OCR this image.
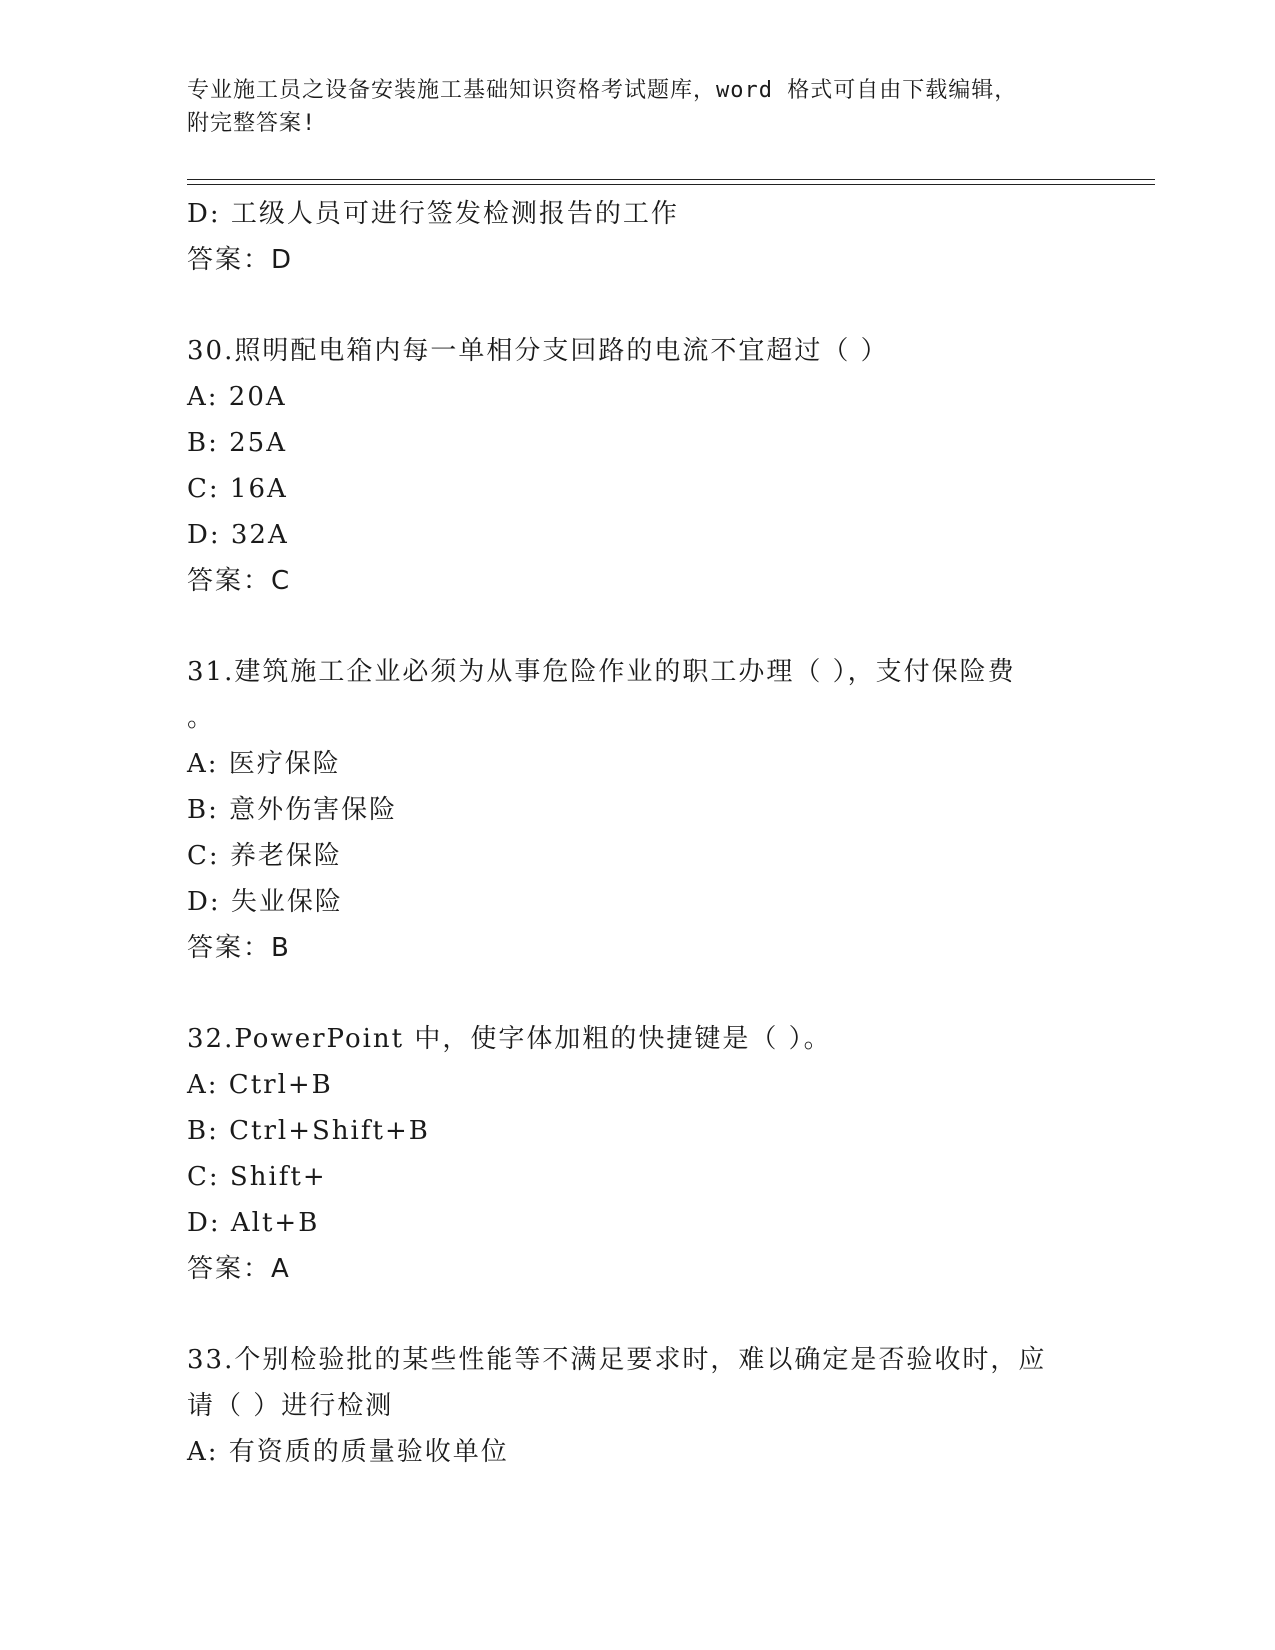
专业施工员之设备安装施工基础知识资格考试题库，word 格式可自由下载编辑，
附完整答案!
D: 工级人员可进行签发检测报告的工作
答案：D
30.照明配电箱内每一单相分支回路的电流不宜超过（ ）
A: 20A
B: 25A
C: 16A
D: 32A
答案：C
31.建筑施工企业必须为从事危险作业的职工办理（ ），支付保险费
。
A: 医疗保险
B: 意外伤害保险
C: 养老保险
D: 失业保险
答案：B
32.PowerPoint 中，使字体加粗的快捷键是（ ）。
A: Ctrl+B
B: Ctrl+Shift+B
C: Shift+
D: Alt+B
答案：A
33.个别检验批的某些性能等不满足要求时，难以确定是否验收时，应
请（ ）进行检测
A: 有资质的质量验收单位
